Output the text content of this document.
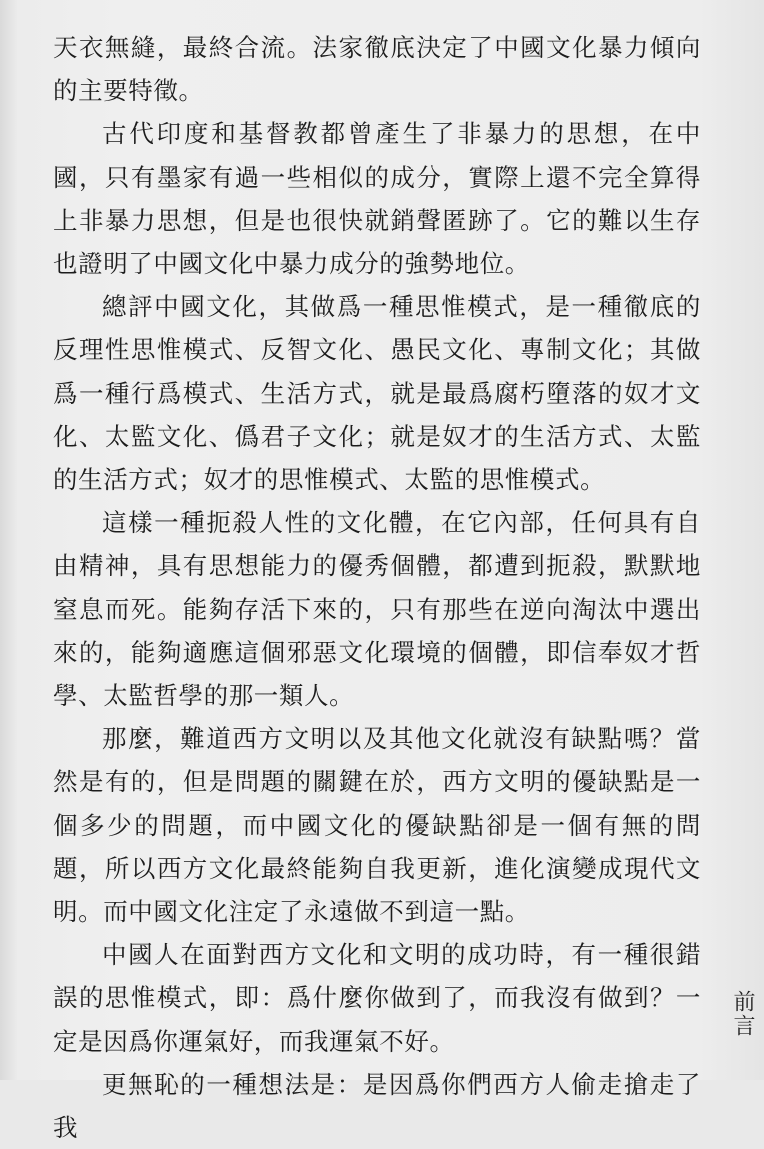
天衣無縫，最終合流。法家徹底決定了中國文化暴力傾向的主要特徵。

古代印度和基督教都曾產生了非暴力的思想，在中國，只有墨家有過一些相似的成分，實際上還不完全算得上非暴力思想，但是也很快就銷聲匿跡了。它的難以生存也證明了中國文化中暴力成分的強勢地位。

總評中國文化，其做爲一種思惟模式，是一種徹底的反理性思惟模式、反智文化、愚民文化、專制文化；其做爲一種行爲模式、生活方式，就是最爲腐朽墮落的奴才文化、太監文化、僞君子文化；就是奴才的生活方式、太監的生活方式；奴才的思惟模式、太監的思惟模式。

這樣一種扼殺人性的文化體，在它內部，任何具有自由精神，具有思想能力的優秀個體，都遭到扼殺，默默地窒息而死。能夠存活下來的，只有那些在逆向淘汰中選出來的，能夠適應這個邪惡文化環境的個體，即信奉奴才哲學、太監哲學的那一類人。

那麼，難道西方文明以及其他文化就沒有缺點嗎？當然是有的，但是問題的關鍵在於，西方文明的優缺點是一個多少的問題，而中國文化的優缺點卻是一個有無的問題，所以西方文化最終能夠自我更新，進化演變成現代文明。而中國文化注定了永遠做不到這一點。

中國人在面對西方文化和文明的成功時，有一種很錯誤的思惟模式，即：爲什麼你做到了，而我沒有做到？一定是因爲你運氣好，而我運氣不好。

更無恥的一種想法是：是因爲你們西方人偷走搶走了我

前言
